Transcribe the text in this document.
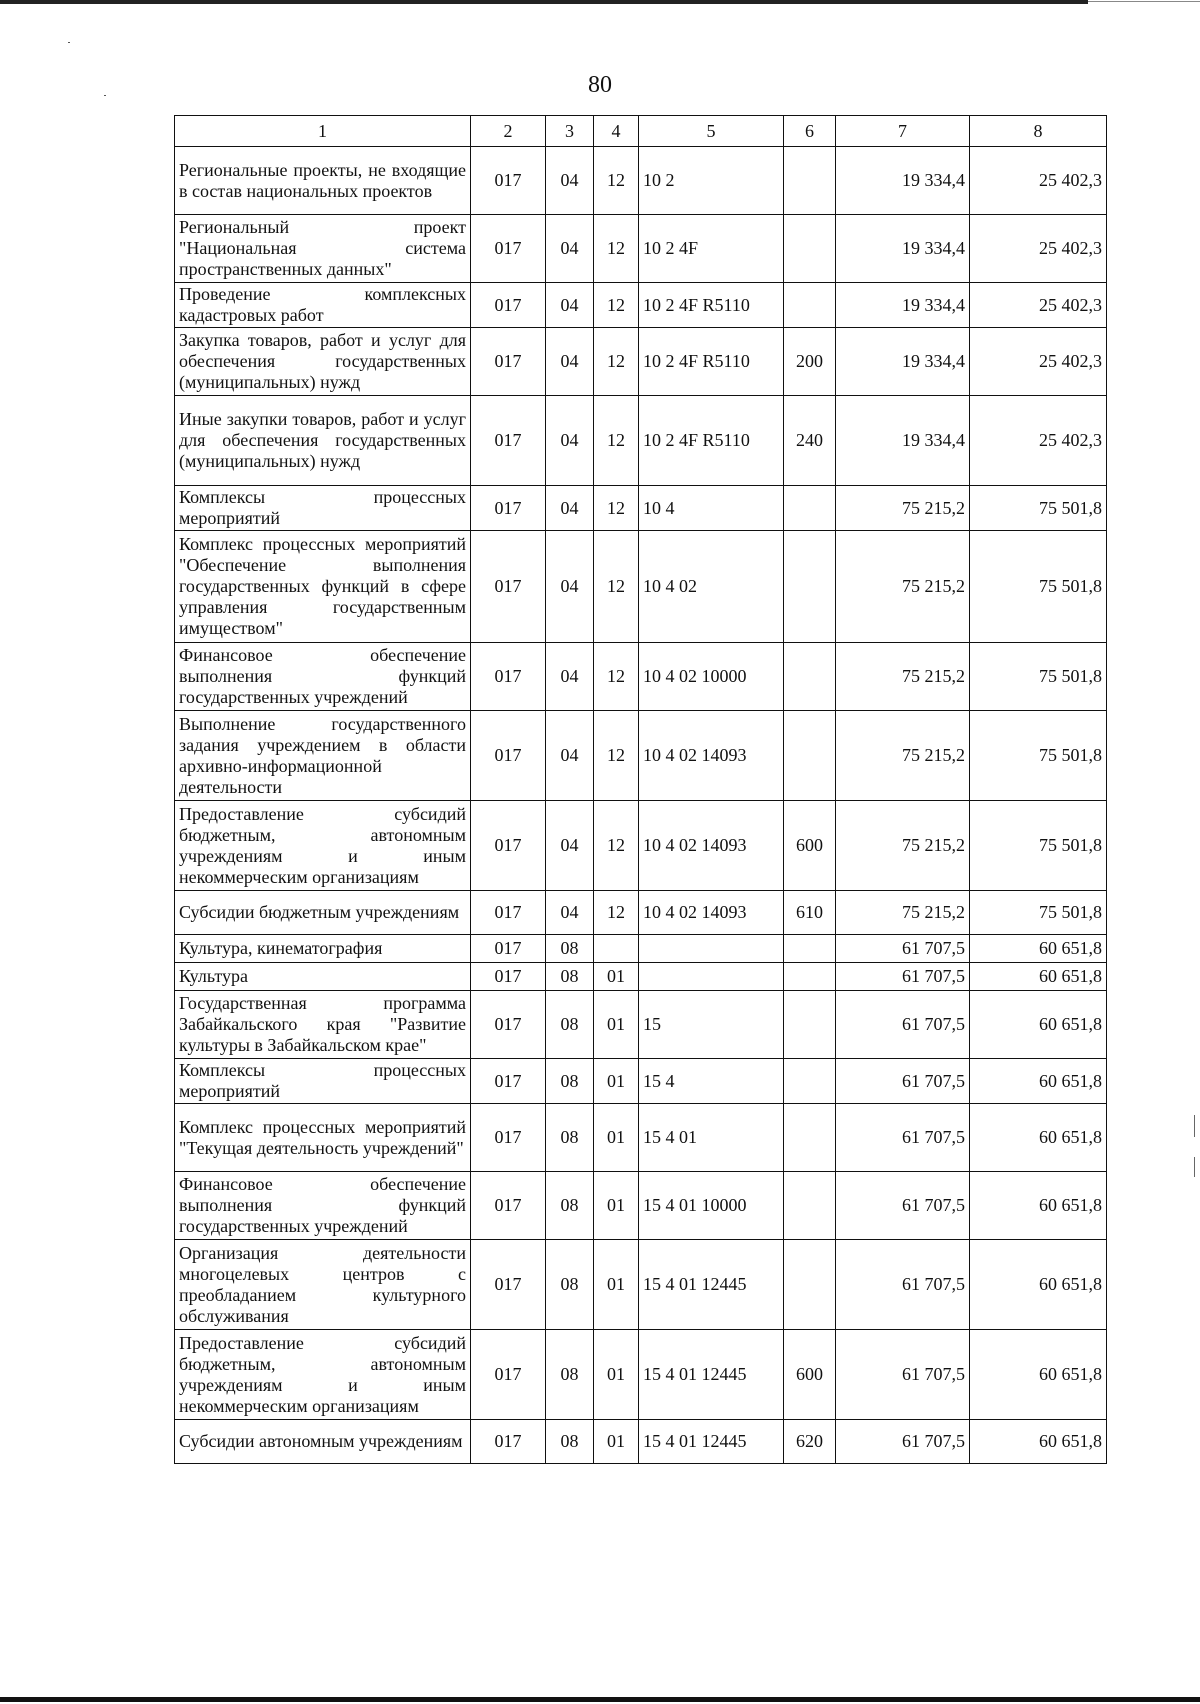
80
1	2	3	4	5	6	7	8
Региональные проекты, не входящие в состав национальных проектов	017	04	12	10 2		19 334,4	25 402,3
Региональный проект "Национальная система пространственных данных"	017	04	12	10 2 4F		19 334,4	25 402,3
Проведение комплексных кадастровых работ	017	04	12	10 2 4F R5110		19 334,4	25 402,3
Закупка товаров, работ и услуг для обеспечения государственных (муниципальных) нужд	017	04	12	10 2 4F R5110	200	19 334,4	25 402,3
Иные закупки товаров, работ и услуг для обеспечения государственных (муниципальных) нужд	017	04	12	10 2 4F R5110	240	19 334,4	25 402,3
Комплексы процессных мероприятий	017	04	12	10 4		75 215,2	75 501,8
Комплекс процессных мероприятий "Обеспечение выполнения государственных функций в сфере управления государственным имуществом"	017	04	12	10 4 02		75 215,2	75 501,8
Финансовое обеспечение выполнения функций государственных учреждений	017	04	12	10 4 02 10000		75 215,2	75 501,8
Выполнение государственного задания учреждением в области архивно-информационной деятельности	017	04	12	10 4 02 14093		75 215,2	75 501,8
Предоставление субсидий бюджетным, автономным учреждениям и иным некоммерческим организациям	017	04	12	10 4 02 14093	600	75 215,2	75 501,8
Субсидии бюджетным учреждениям	017	04	12	10 4 02 14093	610	75 215,2	75 501,8
Культура, кинематография	017	08				61 707,5	60 651,8
Культура	017	08	01			61 707,5	60 651,8
Государственная программа Забайкальского края "Развитие культуры в Забайкальском крае"	017	08	01	15		61 707,5	60 651,8
Комплексы процессных мероприятий	017	08	01	15 4		61 707,5	60 651,8
Комплекс процессных мероприятий "Текущая деятельность учреждений"	017	08	01	15 4 01		61 707,5	60 651,8
Финансовое обеспечение выполнения функций государственных учреждений	017	08	01	15 4 01 10000		61 707,5	60 651,8
Организация деятельности многоцелевых центров с преобладанием культурного обслуживания	017	08	01	15 4 01 12445		61 707,5	60 651,8
Предоставление субсидий бюджетным, автономным учреждениям и иным некоммерческим организациям	017	08	01	15 4 01 12445	600	61 707,5	60 651,8
Субсидии автономным учреждениям	017	08	01	15 4 01 12445	620	61 707,5	60 651,8
